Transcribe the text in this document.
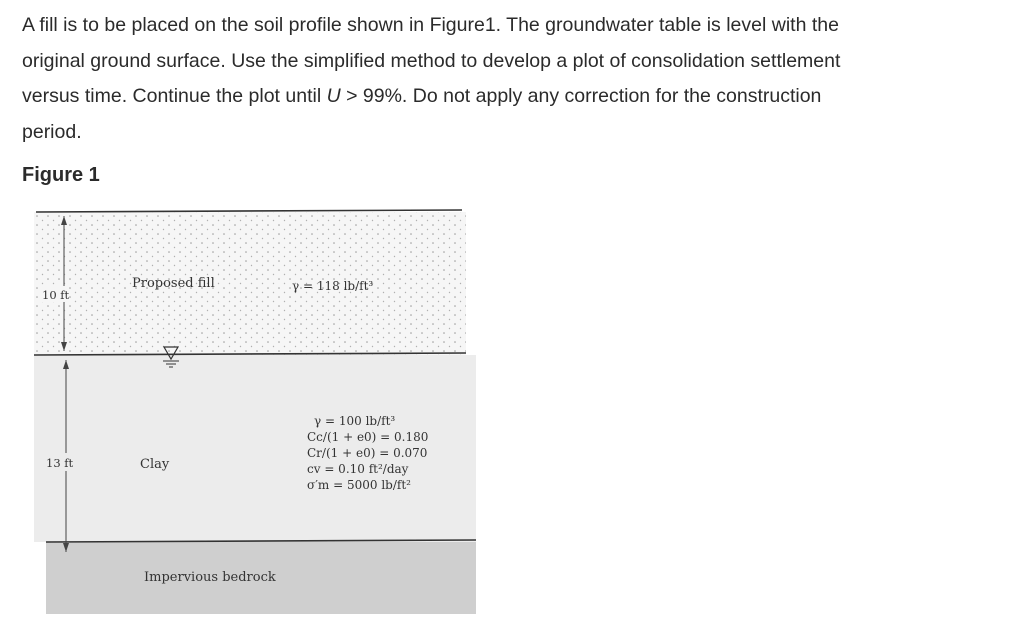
A fill is to be placed on the soil profile shown in Figure1. The groundwater table is level with the
original ground surface. Use the simplified method to develop a plot of consolidation settlement
versus time. Continue the plot until U > 99%. Do not apply any correction for the construction
period.
Figure 1
Proposed fill
10 ft
γ = 118 lb/ft³
Clay
13 ft
γ = 100 lb/ft³
Cc/(1 + e0) = 0.180
Cr/(1 + e0) = 0.070
cv = 0.10 ft²/day
σ′m = 5000 lb/ft²
Impervious bedrock
